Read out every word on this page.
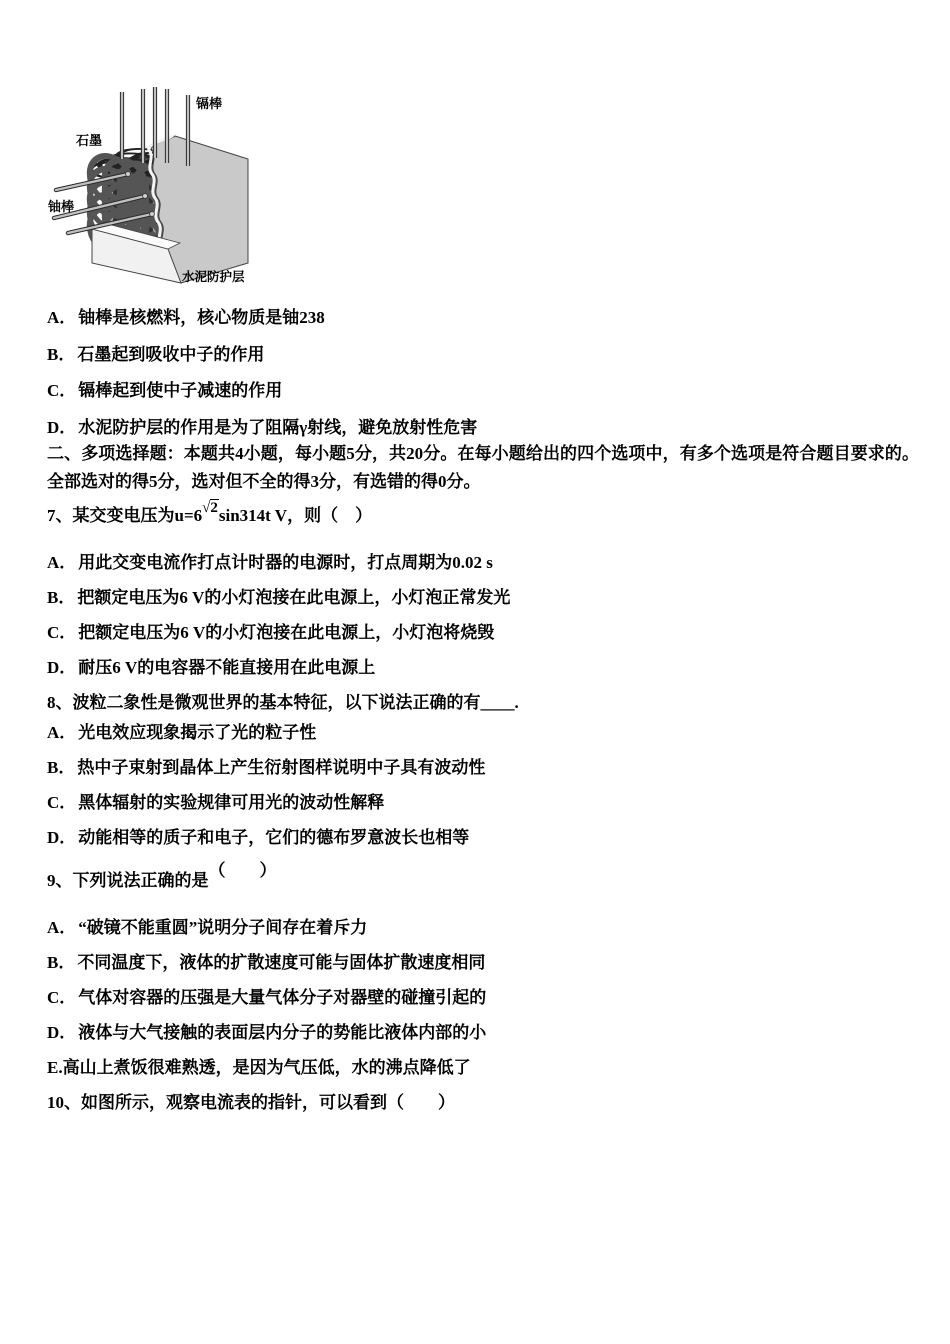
镉棒
石墨
铀棒
水泥防护层
A． 铀棒是核燃料，核心物质是铀238
B． 石墨起到吸收中子的作用
C． 镉棒起到使中子减速的作用
D． 水泥防护层的作用是为了阻隔γ射线，避免放射性危害
二、多项选择题：本题共4小题，每小题5分，共20分。在每小题给出的四个选项中，有多个选项是符合题目要求的。全部选对的得5分，选对但不全的得3分，有选错的得0分。
7、某交变电压为u=6√2sin314t V，则（　）
A． 用此交变电流作打点计时器的电源时，打点周期为0.02 s
B． 把额定电压为6 V的小灯泡接在此电源上，小灯泡正常发光
C． 把额定电压为6 V的小灯泡接在此电源上，小灯泡将烧毁
D． 耐压6 V的电容器不能直接用在此电源上
8、波粒二象性是微观世界的基本特征，以下说法正确的有____.
A． 光电效应现象揭示了光的粒子性
B． 热中子束射到晶体上产生衍射图样说明中子具有波动性
C． 黑体辐射的实验规律可用光的波动性解释
D． 动能相等的质子和电子，它们的德布罗意波长也相等
9、下列说法正确的是（　　）
A． “破镜不能重圆”说明分子间存在着斥力
B． 不同温度下，液体的扩散速度可能与固体扩散速度相同
C． 气体对容器的压强是大量气体分子对器壁的碰撞引起的
D． 液体与大气接触的表面层内分子的势能比液体内部的小
E.高山上煮饭很难熟透，是因为气压低，水的沸点降低了
10、如图所示，观察电流表的指针，可以看到（　　）
